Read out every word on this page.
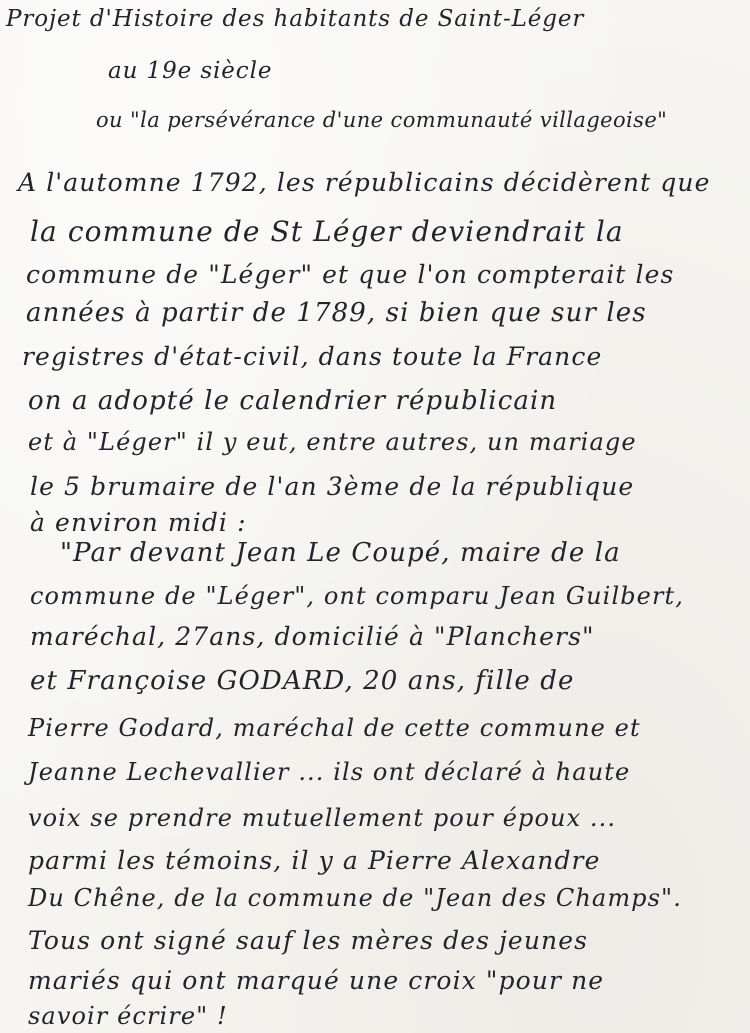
Projet d'Histoire des habitants de Saint-Léger
au 19e siècle
ou "la persévérance d'une communauté villageoise"
A l'automne 1792, les républicains décidèrent que
la commune de St Léger deviendrait la
commune de "Léger" et que l'on compterait les
années à partir de 1789, si bien que sur les
registres d'état-civil, dans toute la France
on a adopté le calendrier républicain
et à "Léger" il y eut, entre autres, un mariage
le 5 brumaire de l'an 3ème de la république
à environ midi :
"Par devant Jean Le Coupé, maire de la
commune de "Léger", ont comparu Jean Guilbert,
maréchal, 27ans, domicilié à "Planchers"
et Françoise GODARD, 20 ans, fille de
Pierre Godard, maréchal de cette commune et
Jeanne Lechevallier ... ils ont déclaré à haute
voix se prendre mutuellement pour époux ...
parmi les témoins, il y a Pierre Alexandre
Du Chêne, de la commune de "Jean des Champs".
Tous ont signé sauf les mères des jeunes
mariés qui ont marqué une croix "pour ne
savoir écrire" !
